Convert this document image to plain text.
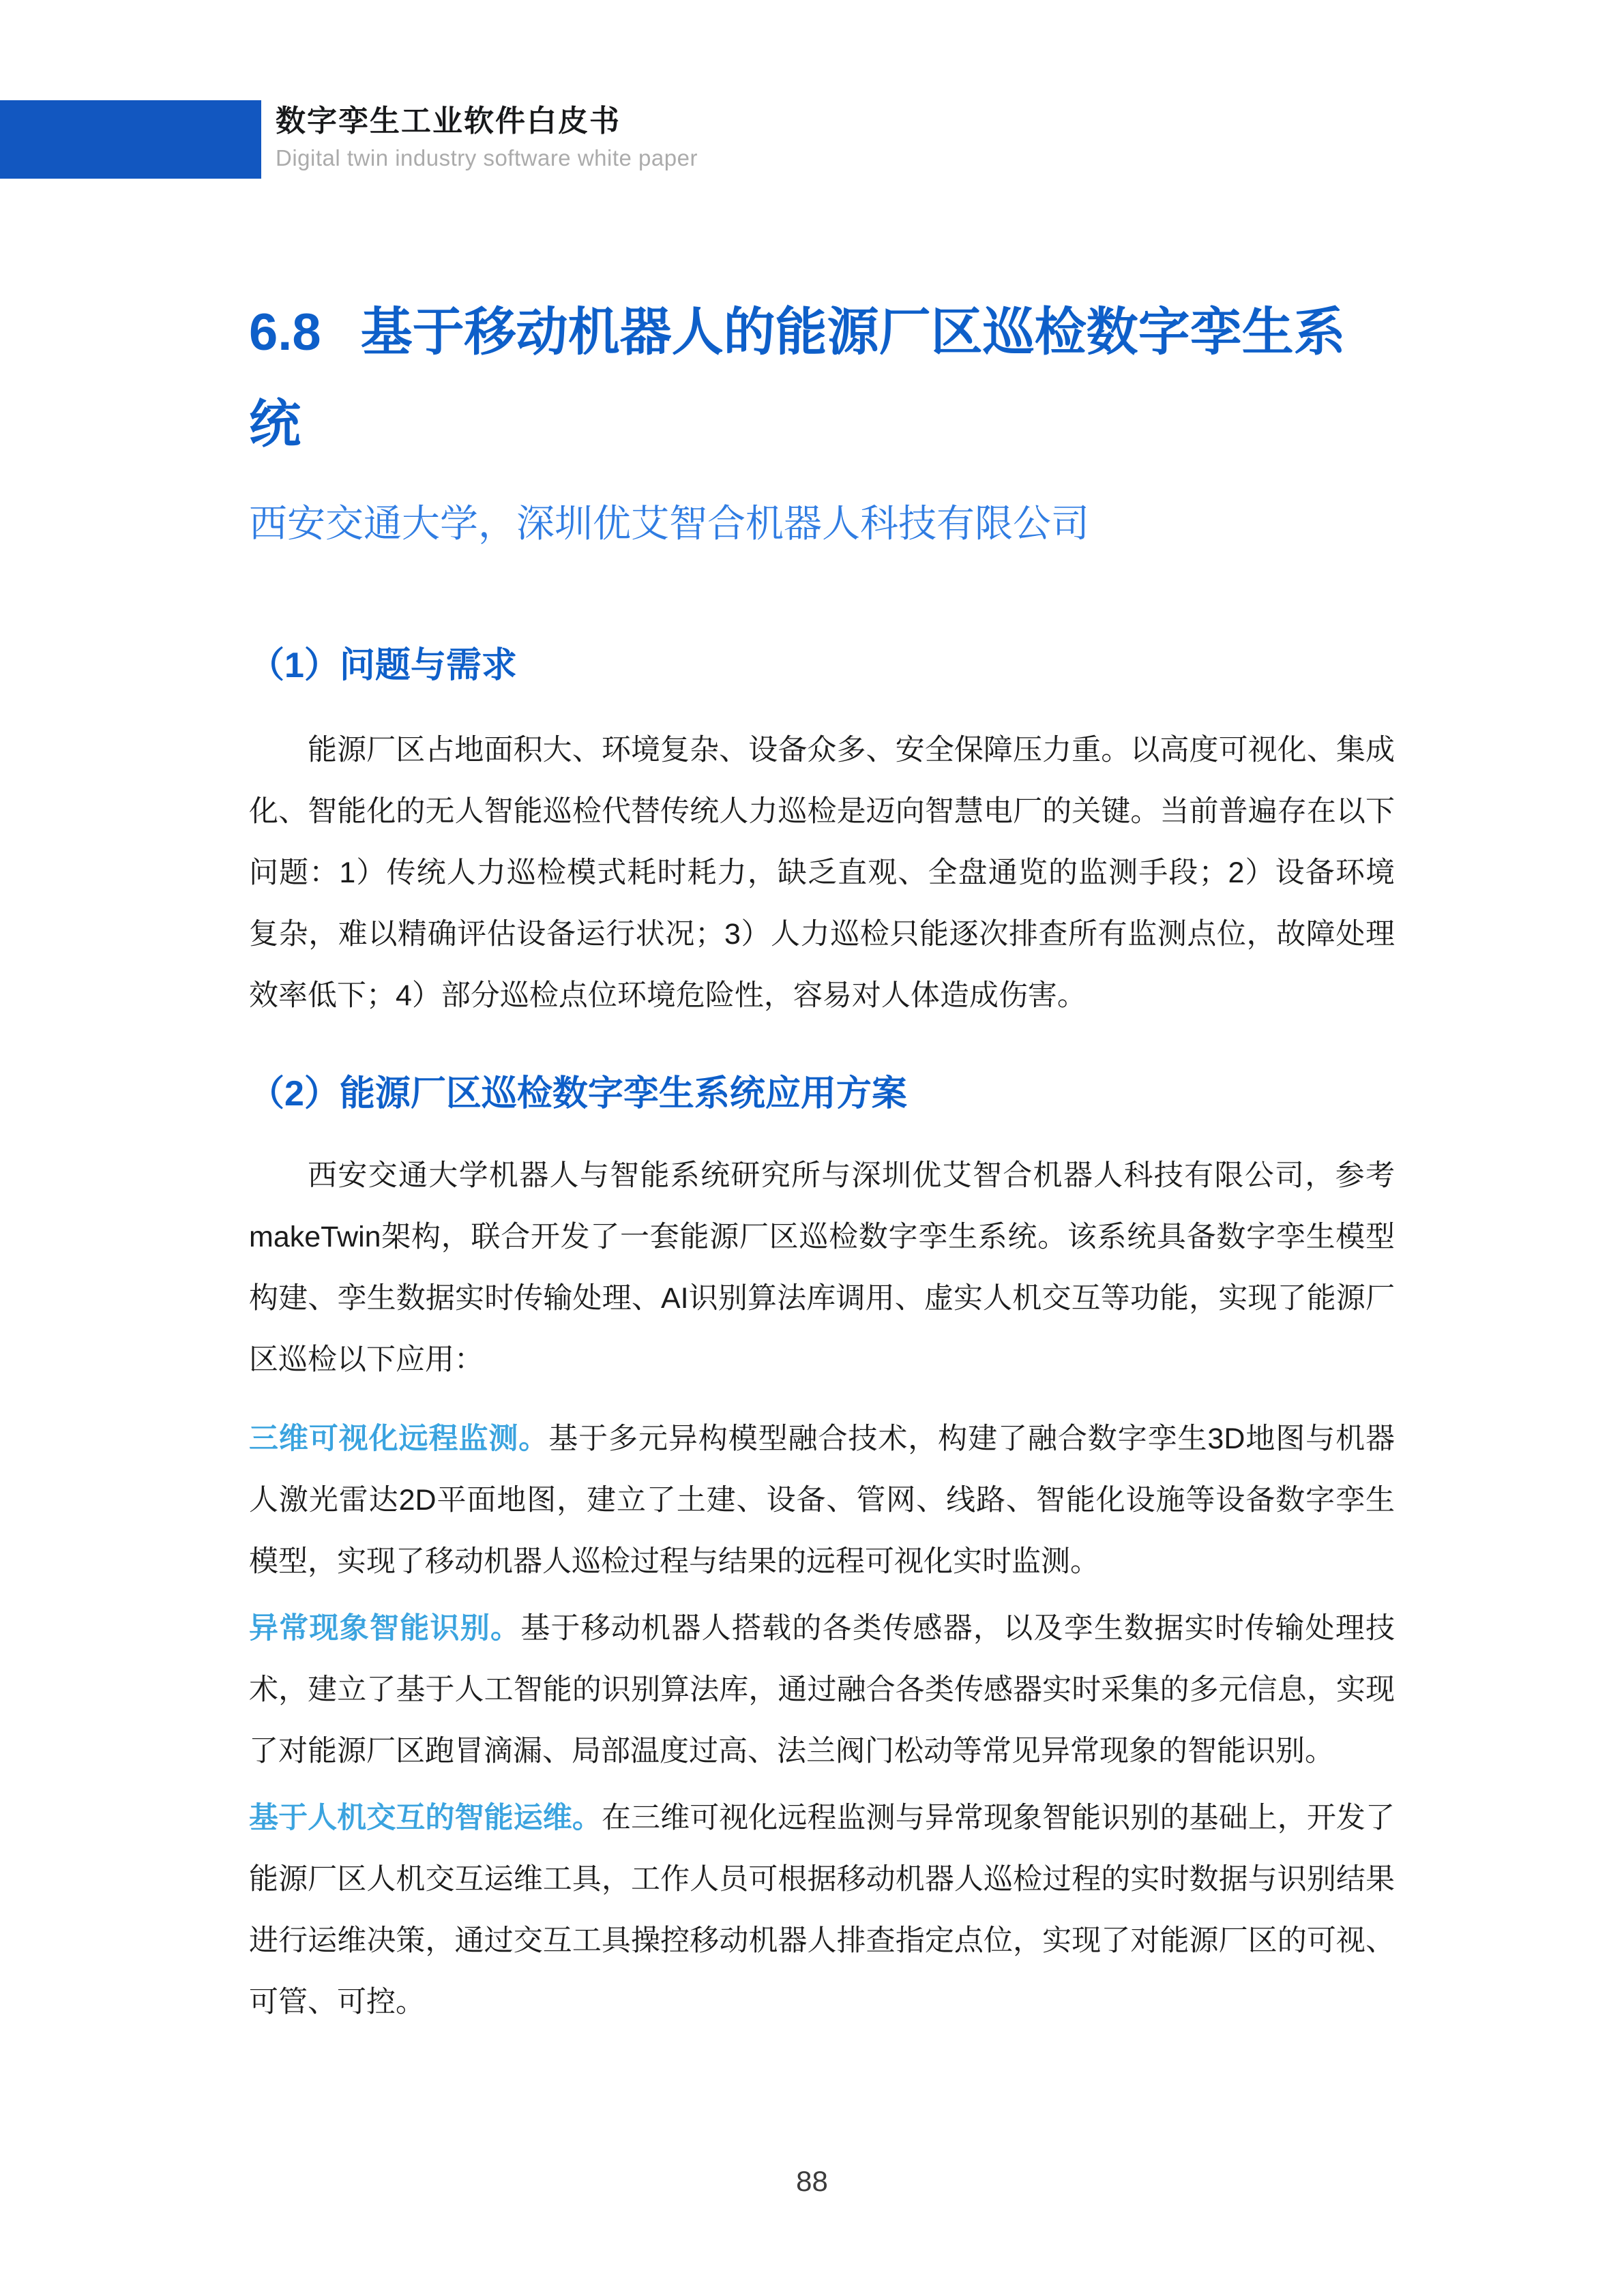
数字孪生工业软件白皮书
Digital twin industry software white paper
6.8 基于移动机器人的能源厂区巡检数字孪生系统
西安交通大学，深圳优艾智合机器人科技有限公司
（1）问题与需求

能源厂区占地面积大、环境复杂、设备众多、安全保障压力重。以高度可视化、集成化、智能化的无人智能巡检代替传统人力巡检是迈向智慧电厂的关键。当前普遍存在以下问题：1）传统人力巡检模式耗时耗力，缺乏直观、全盘通览的监测手段；2）设备环境复杂，难以精确评估设备运行状况；3）人力巡检只能逐次排查所有监测点位，故障处理效率低下；4）部分巡检点位环境危险性，容易对人体造成伤害。

（2）能源厂区巡检数字孪生系统应用方案

西安交通大学机器人与智能系统研究所与深圳优艾智合机器人科技有限公司，参考makeTwin架构，联合开发了一套能源厂区巡检数字孪生系统。该系统具备数字孪生模型构建、孪生数据实时传输处理、AI识别算法库调用、虚实人机交互等功能，实现了能源厂区巡检以下应用：

三维可视化远程监测。基于多元异构模型融合技术，构建了融合数字孪生3D地图与机器人激光雷达2D平面地图，建立了土建、设备、管网、线路、智能化设施等设备数字孪生模型，实现了移动机器人巡检过程与结果的远程可视化实时监测。

异常现象智能识别。基于移动机器人搭载的各类传感器，以及孪生数据实时传输处理技术，建立了基于人工智能的识别算法库，通过融合各类传感器实时采集的多元信息，实现了对能源厂区跑冒滴漏、局部温度过高、法兰阀门松动等常见异常现象的智能识别。

基于人机交互的智能运维。在三维可视化远程监测与异常现象智能识别的基础上，开发了能源厂区人机交互运维工具，工作人员可根据移动机器人巡检过程的实时数据与识别结果进行运维决策，通过交互工具操控移动机器人排查指定点位，实现了对能源厂区的可视、可管、可控。

88
